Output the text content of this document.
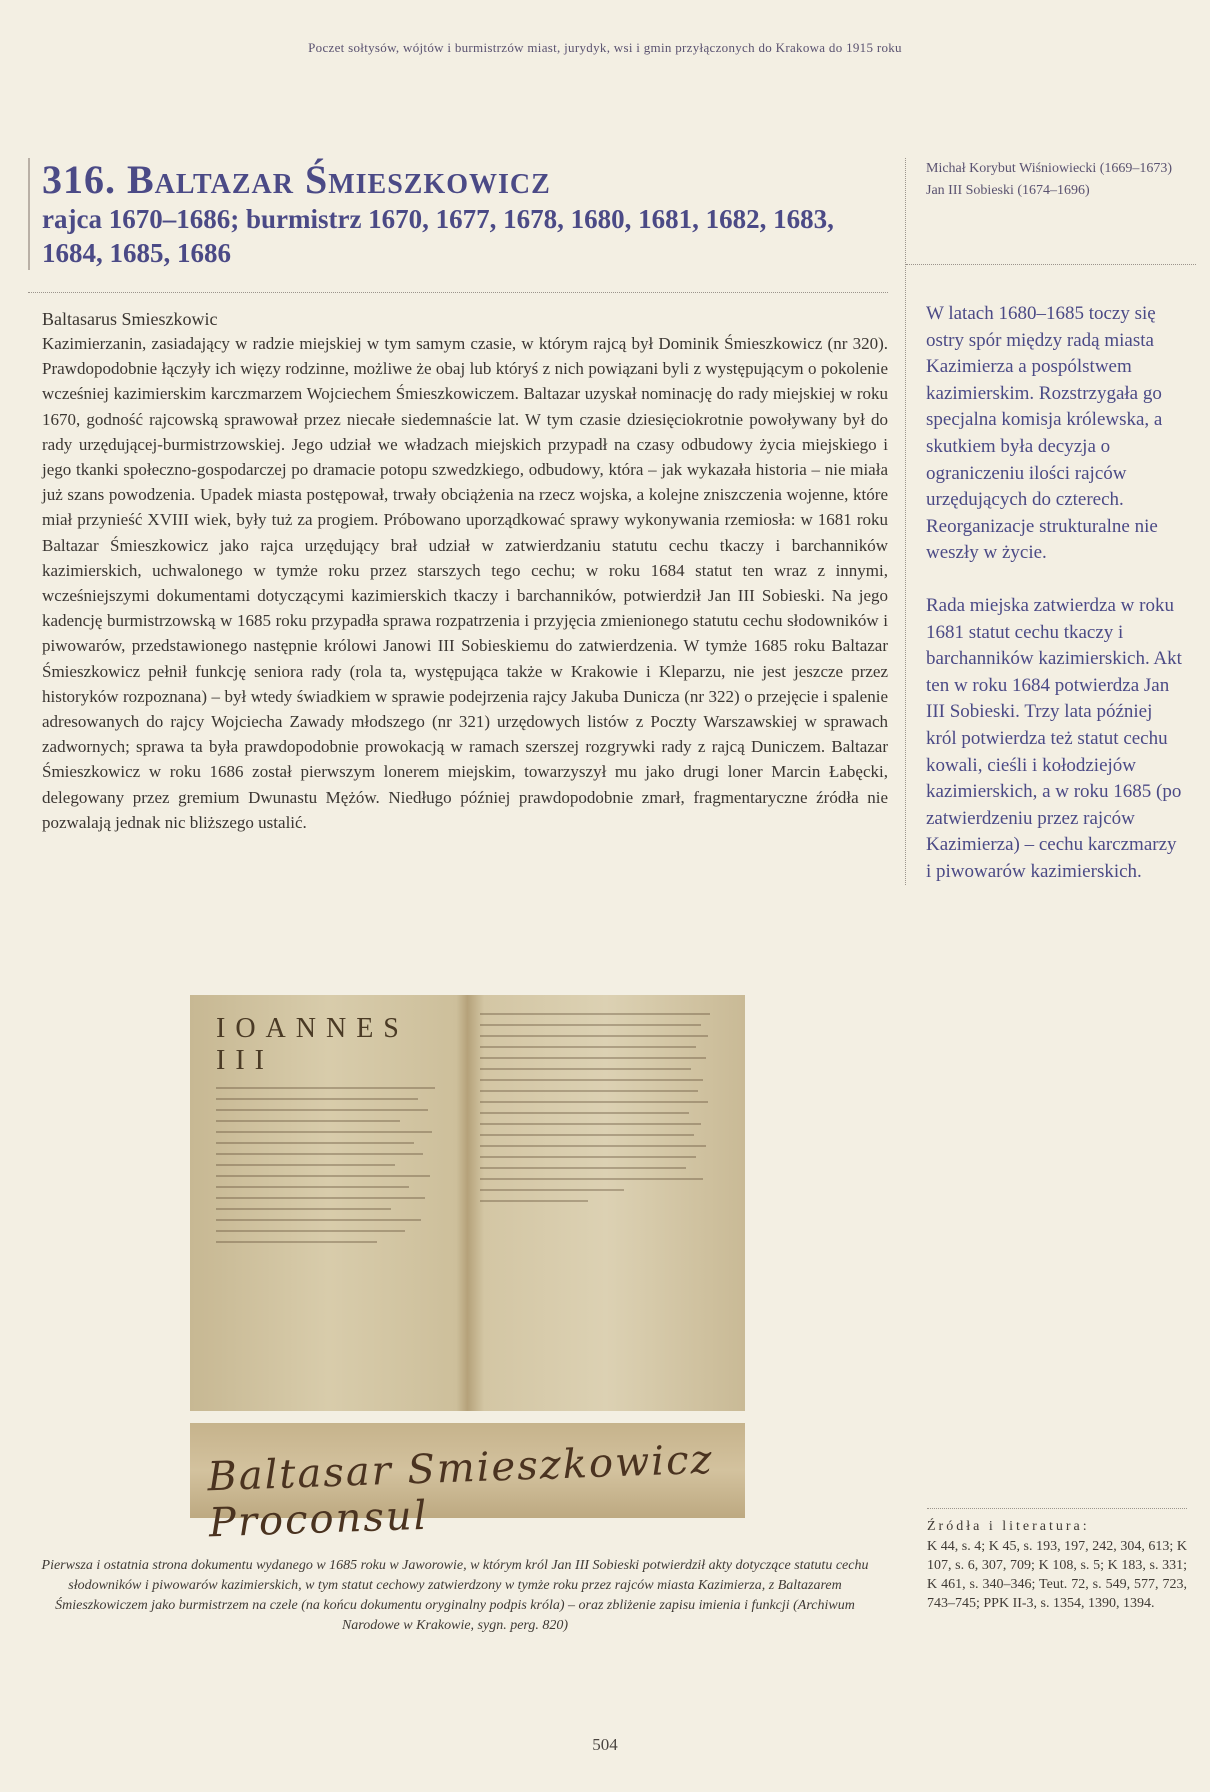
Poczet sołtysów, wójtów i burmistrzów miast, jurydyk, wsi i gmin przyłączonych do Krakowa do 1915 roku
316. Baltazar Śmieszkowicz
rajca 1670–1686; burmistrz 1670, 1677, 1678, 1680, 1681, 1682, 1683, 1684, 1685, 1686
Baltasarus Smieszkowic
Kazimierzanin, zasiadający w radzie miejskiej w tym samym czasie, w którym rajcą był Dominik Śmieszkowicz (nr 320). Prawdopodobnie łączyły ich więzy rodzinne, możliwe że obaj lub któryś z nich powiązani byli z występującym o pokolenie wcześniej kazimierskim karczmarzem Wojciechem Śmieszkowiczem. Baltazar uzyskał nominację do rady miejskiej w roku 1670, godność rajcowską sprawował przez niecałe siedemnaście lat. W tym czasie dziesięciokrotnie powoływany był do rady urzędującej-burmistrzowskiej. Jego udział we władzach miejskich przypadł na czasy odbudowy życia miejskiego i jego tkanki społeczno-gospodarczej po dramacie potopu szwedzkiego, odbudowy, która – jak wykazała historia – nie miała już szans powodzenia. Upadek miasta postępował, trwały obciążenia na rzecz wojska, a kolejne zniszczenia wojenne, które miał przynieść XVIII wiek, były tuż za progiem. Próbowano uporządkować sprawy wykonywania rzemiosła: w 1681 roku Baltazar Śmieszkowicz jako rajca urzędujący brał udział w zatwierdzaniu statutu cechu tkaczy i barchanników kazimierskich, uchwalonego w tymże roku przez starszych tego cechu; w roku 1684 statut ten wraz z innymi, wcześniejszymi dokumentami dotyczącymi kazimierskich tkaczy i barchanników, potwierdził Jan III Sobieski. Na jego kadencję burmistrzowską w 1685 roku przypadła sprawa rozpatrzenia i przyjęcia zmienionego statutu cechu słodowników i piwowarów, przedstawionego następnie królowi Janowi III Sobieskiemu do zatwierdzenia. W tymże 1685 roku Baltazar Śmieszkowicz pełnił funkcję seniora rady (rola ta, występująca także w Krakowie i Kleparzu, nie jest jeszcze przez historyków rozpoznana) – był wtedy świadkiem w sprawie podejrzenia rajcy Jakuba Dunicza (nr 322) o przejęcie i spalenie adresowanych do rajcy Wojciecha Zawady młodszego (nr 321) urzędowych listów z Poczty Warszawskiej w sprawach zadwornych; sprawa ta była prawdopodobnie prowokacją w ramach szerszej rozgrywki rady z rajcą Duniczem. Baltazar Śmieszkowicz w roku 1686 został pierwszym lonerem miejskim, towarzyszył mu jako drugi loner Marcin Łabęcki, delegowany przez gremium Dwunastu Mężów. Niedługo później prawdopodobnie zmarł, fragmentaryczne źródła nie pozwalają jednak nic bliższego ustalić.
IOANNES III
Baltasar Smieszkowicz Proconsul
Pierwsza i ostatnia strona dokumentu wydanego w 1685 roku w Jaworowie, w którym król Jan III Sobieski potwierdził akty dotyczące statutu cechu słodowników i piwowarów kazimierskich, w tym statut cechowy zatwierdzony w tymże roku przez rajców miasta Kazimierza, z Baltazarem Śmieszkowiczem jako burmistrzem na czele (na końcu dokumentu oryginalny podpis króla) – oraz zbliżenie zapisu imienia i funkcji (Archiwum Narodowe w Krakowie, sygn. perg. 820)
Michał Korybut Wiśniowiecki (1669–1673)
Jan III Sobieski (1674–1696)
W latach 1680–1685 toczy się ostry spór między radą miasta Kazimierza a pospólstwem kazimierskim. Rozstrzygała go specjalna komisja królewska, a skutkiem była decyzja o ograniczeniu ilości rajców urzędujących do czterech. Reorganizacje strukturalne nie weszły w życie.
Rada miejska zatwierdza w roku 1681 statut cechu tkaczy i barchanników kazimierskich. Akt ten w roku 1684 potwierdza Jan III Sobieski. Trzy lata później król potwierdza też statut cechu kowali, cieśli i kołodziejów kazimierskich, a w roku 1685 (po zatwierdzeniu przez rajców Kazimierza) – cechu karczmarzy i piwowarów kazimierskich.
Źródła i literatura:
K 44, s. 4; K 45, s. 193, 197, 242, 304, 613; K 107, s. 6, 307, 709; K 108, s. 5; K 183, s. 331; K 461, s. 340–346; Teut. 72, s. 549, 577, 723, 743–745; PPK II-3, s. 1354, 1390, 1394.
504
